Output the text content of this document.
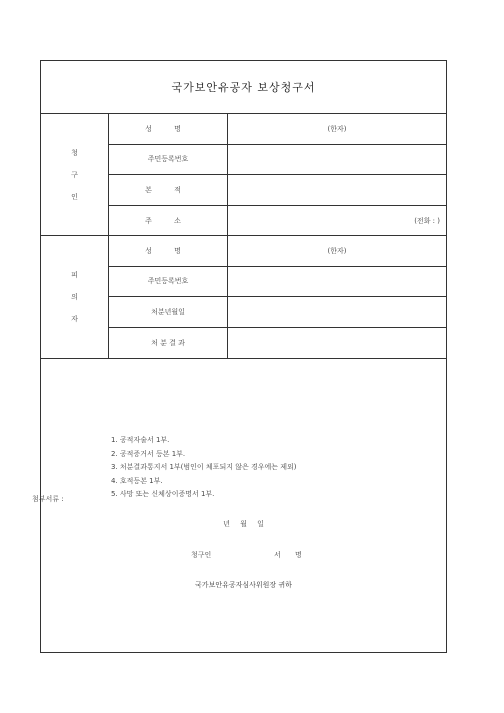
국가보안유공자 보상청구서
청
구
인
성 명	(한자)
주민등록번호
본 적
주 소	(전화 : )
피
의
자
성 명	(한자)
주민등록번호
처분년월일
처 분 결 과
첨부서류 :
1. 공적자술서 1부.
2. 공적증거서 등본 1부.
3. 처분결과통지서 1부(범인이 체포되지 않은 경우에는 제외)
4. 호적등본 1부.
5. 사망 또는 신체상이증명서 1부.
년 월 일
청구인	서 명
국가보안유공자심사위원장 귀하
